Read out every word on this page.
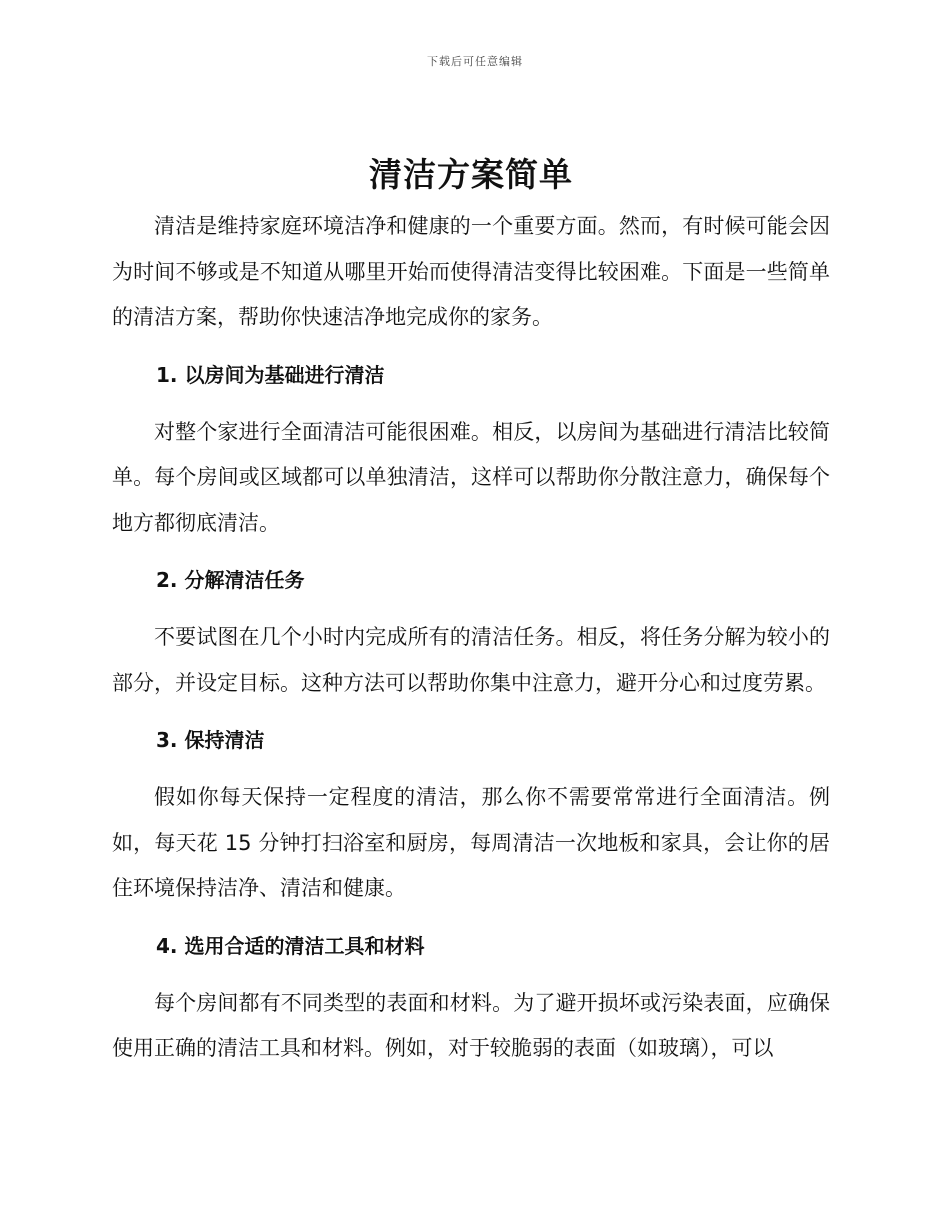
下载后可任意编辑
清洁方案简单

清洁是维持家庭环境洁净和健康的一个重要方面。然而，有时候可能会因为时间不够或是不知道从哪里开始而使得清洁变得比较困难。下面是一些简单的清洁方案，帮助你快速洁净地完成你的家务。

1. 以房间为基础进行清洁

对整个家进行全面清洁可能很困难。相反，以房间为基础进行清洁比较简单。每个房间或区域都可以单独清洁，这样可以帮助你分散注意力，确保每个地方都彻底清洁。

2. 分解清洁任务

不要试图在几个小时内完成所有的清洁任务。相反，将任务分解为较小的部分，并设定目标。这种方法可以帮助你集中注意力，避开分心和过度劳累。

3. 保持清洁

假如你每天保持一定程度的清洁，那么你不需要常常进行全面清洁。例如，每天花 15 分钟打扫浴室和厨房，每周清洁一次地板和家具，会让你的居住环境保持洁净、清洁和健康。

4. 选用合适的清洁工具和材料

每个房间都有不同类型的表面和材料。为了避开损坏或污染表面，应确保使用正确的清洁工具和材料。例如，对于较脆弱的表面（如玻璃），可以
